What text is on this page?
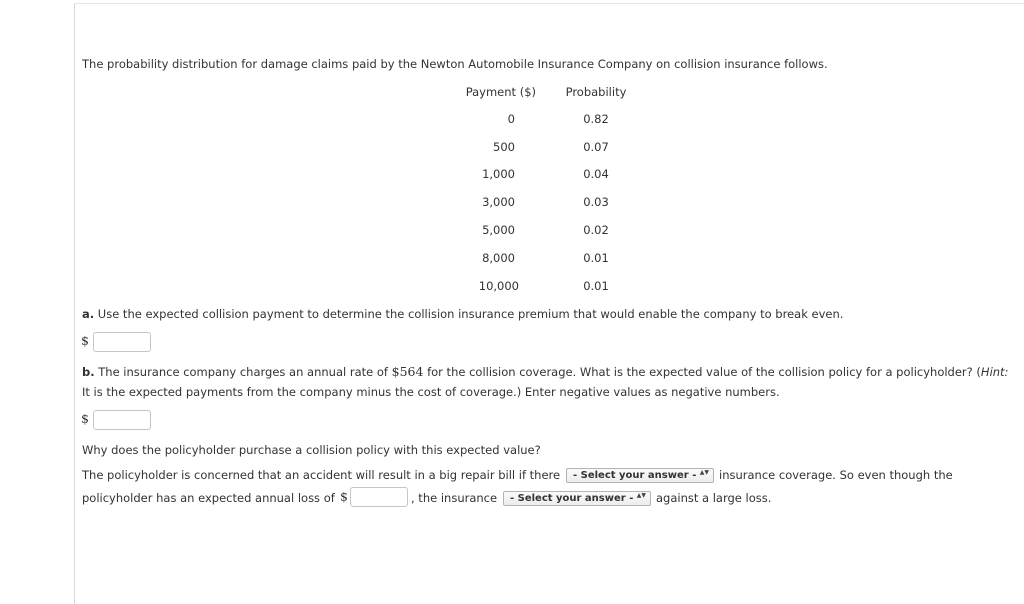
The probability distribution for damage claims paid by the Newton Automobile Insurance Company on collision insurance follows.
Payment ($)	Probability
0	0.82
500	0.07
1,000	0.04
3,000	0.03
5,000	0.02
8,000	0.01
10,000	0.01
a. Use the expected collision payment to determine the collision insurance premium that would enable the company to break even.
$
b. The insurance company charges an annual rate of $564 for the collision coverage. What is the expected value of the collision policy for a policyholder? (Hint:
It is the expected payments from the company minus the cost of coverage.) Enter negative values as negative numbers.
$
Why does the policyholder purchase a collision policy with this expected value?
The policyholder is concerned that an accident will result in a big repair bill if there	- Select your answer - ▲▼ insurance coverage. So even though the
policyholder has an expected annual loss of $	, the insurance	- Select your answer - ▲▼ against a large loss.
